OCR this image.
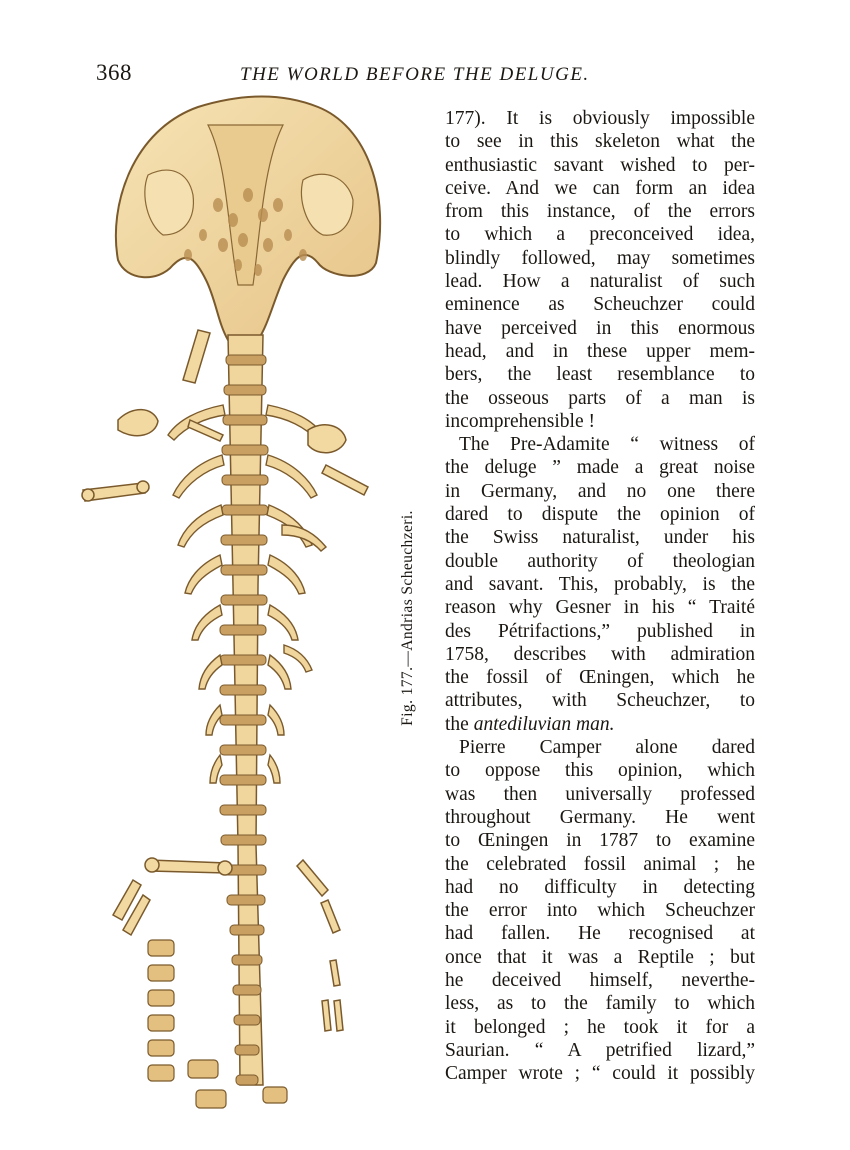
368	THE WORLD BEFORE THE DELUGE.
Fig. 177.—Andrias Scheuchzeri.
177). It is obviously impossible
to see in this skeleton what the
enthusiastic savant wished to per-
ceive. And we can form an idea
from this instance, of the errors
to which a preconceived idea,
blindly followed, may sometimes
lead. How a naturalist of such
eminence as Scheuchzer could
have perceived in this enormous
head, and in these upper mem-
bers, the least resemblance to
the osseous parts of a man is
incomprehensible !
The Pre-Adamite “ witness of
the deluge ” made a great noise
in Germany, and no one there
dared to dispute the opinion of
the Swiss naturalist, under his
double authority of theologian
and savant. This, probably, is the
reason why Gesner in his “ Traité
des Pétrifactions,” published in
1758, describes with admiration
the fossil of Œningen, which he
attributes, with Scheuchzer, to
the antediluvian man.
Pierre Camper alone dared
to oppose this opinion, which
was then universally professed
throughout Germany. He went
to Œningen in 1787 to examine
the celebrated fossil animal ; he
had no difficulty in detecting
the error into which Scheuchzer
had fallen. He recognised at
once that it was a Reptile ; but
he deceived himself, neverthe-
less, as to the family to which
it belonged ; he took it for a
Saurian. “ A petrified lizard,”
Camper wrote ; “ could it possibly
